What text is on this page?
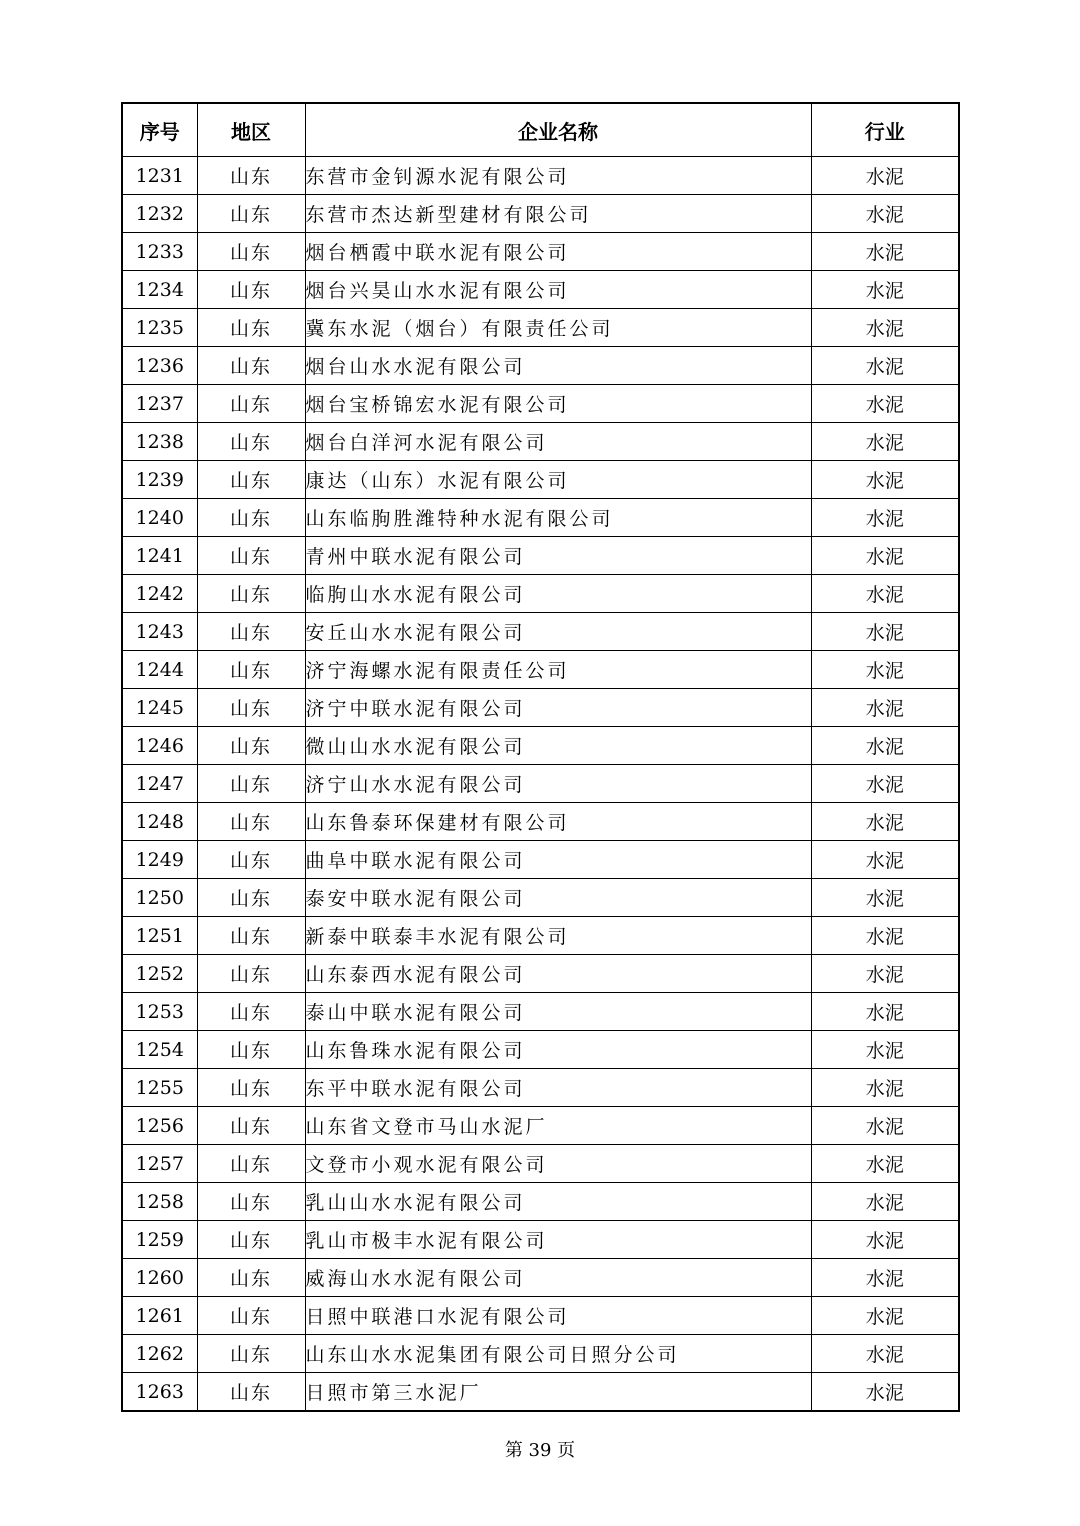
序号	地区	企业名称	行业
1231	山东	东营市金钊源水泥有限公司	水泥
1232	山东	东营市杰达新型建材有限公司	水泥
1233	山东	烟台栖霞中联水泥有限公司	水泥
1234	山东	烟台兴昊山水水泥有限公司	水泥
1235	山东	冀东水泥（烟台）有限责任公司	水泥
1236	山东	烟台山水水泥有限公司	水泥
1237	山东	烟台宝桥锦宏水泥有限公司	水泥
1238	山东	烟台白洋河水泥有限公司	水泥
1239	山东	康达（山东）水泥有限公司	水泥
1240	山东	山东临朐胜潍特种水泥有限公司	水泥
1241	山东	青州中联水泥有限公司	水泥
1242	山东	临朐山水水泥有限公司	水泥
1243	山东	安丘山水水泥有限公司	水泥
1244	山东	济宁海螺水泥有限责任公司	水泥
1245	山东	济宁中联水泥有限公司	水泥
1246	山东	微山山水水泥有限公司	水泥
1247	山东	济宁山水水泥有限公司	水泥
1248	山东	山东鲁泰环保建材有限公司	水泥
1249	山东	曲阜中联水泥有限公司	水泥
1250	山东	泰安中联水泥有限公司	水泥
1251	山东	新泰中联泰丰水泥有限公司	水泥
1252	山东	山东泰西水泥有限公司	水泥
1253	山东	泰山中联水泥有限公司	水泥
1254	山东	山东鲁珠水泥有限公司	水泥
1255	山东	东平中联水泥有限公司	水泥
1256	山东	山东省文登市马山水泥厂	水泥
1257	山东	文登市小观水泥有限公司	水泥
1258	山东	乳山山水水泥有限公司	水泥
1259	山东	乳山市极丰水泥有限公司	水泥
1260	山东	威海山水水泥有限公司	水泥
1261	山东	日照中联港口水泥有限公司	水泥
1262	山东	山东山水水泥集团有限公司日照分公司	水泥
1263	山东	日照市第三水泥厂	水泥
第 39 页
